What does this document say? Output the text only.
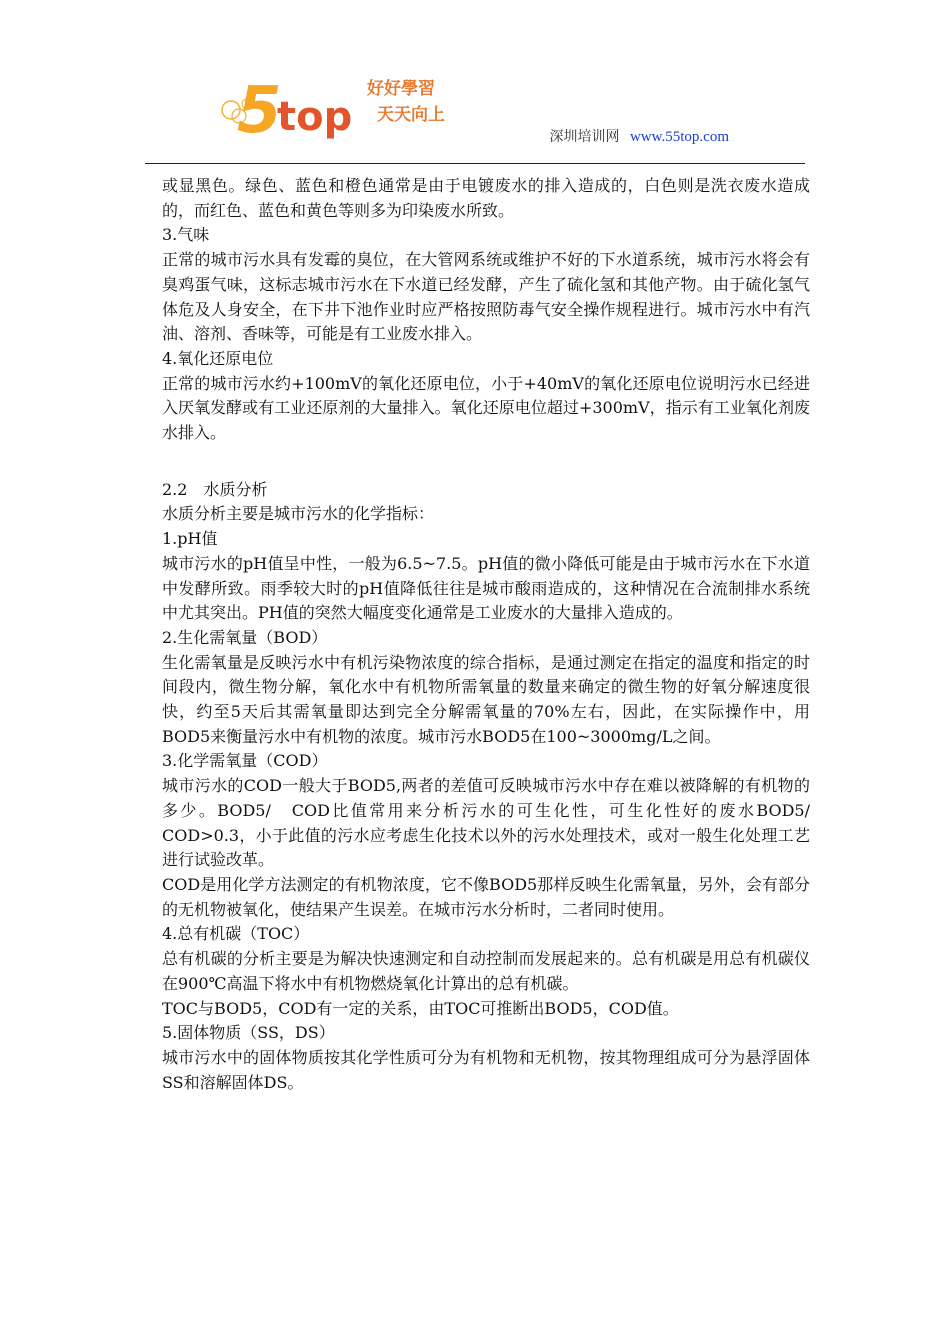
5
top
好好學習
天天向上
深圳培训网 www.55top.com

或显黑色。绿色、蓝色和橙色通常是由于电镀废水的排入造成的，白色则是洗衣废水造成的，而红色、蓝色和黄色等则多为印染废水所致。

3.气味

正常的城市污水具有发霉的臭位，在大管网系统或维护不好的下水道系统，城市污水将会有臭鸡蛋气味，这标志城市污水在下水道已经发酵，产生了硫化氢和其他产物。由于硫化氢气体危及人身安全，在下井下池作业时应严格按照防毒气安全操作规程进行。城市污水中有汽油、溶剂、香味等，可能是有工业废水排入。

4.氧化还原电位

正常的城市污水约+100mV的氧化还原电位，小于+40mV的氧化还原电位说明污水已经进入厌氧发酵或有工业还原剂的大量排入。氧化还原电位超过+300mV，指示有工业氧化剂废水排入。

2.2　水质分析

水质分析主要是城市污水的化学指标：

1.pH值

城市污水的pH值呈中性，一般为6.5~7.5。pH值的微小降低可能是由于城市污水在下水道中发酵所致。雨季较大时的pH值降低往往是城市酸雨造成的，这种情况在合流制排水系统中尤其突出。PH值的突然大幅度变化通常是工业废水的大量排入造成的。

2.生化需氧量（BOD）

生化需氧量是反映污水中有机污染物浓度的综合指标，是通过测定在指定的温度和指定的时间段内，微生物分解，氧化水中有机物所需氧量的数量来确定的微生物的好氧分解速度很快，约至5天后其需氧量即达到完全分解需氧量的70%左右，因此，在实际操作中，用BOD5来衡量污水中有机物的浓度。城市污水BOD5在100~3000mg/L之间。

3.化学需氧量（COD）

城市污水的COD一般大于BOD5,两者的差值可反映城市污水中存在难以被降解的有机物的多少。BOD5/　COD比值常用来分析污水的可生化性，可生化性好的废水BOD5/　COD>0.3，小于此值的污水应考虑生化技术以外的污水处理技术，或对一般生化处理工艺进行试验改革。

COD是用化学方法测定的有机物浓度，它不像BOD5那样反映生化需氧量，另外，会有部分的无机物被氧化，使结果产生误差。在城市污水分析时，二者同时使用。

4.总有机碳（TOC）

总有机碳的分析主要是为解决快速测定和自动控制而发展起来的。总有机碳是用总有机碳仪在900℃高温下将水中有机物燃烧氧化计算出的总有机碳。

TOC与BOD5，COD有一定的关系，由TOC可推断出BOD5，COD值。

5.固体物质（SS，DS）

城市污水中的固体物质按其化学性质可分为有机物和无机物，按其物理组成可分为悬浮固体SS和溶解固体DS。
